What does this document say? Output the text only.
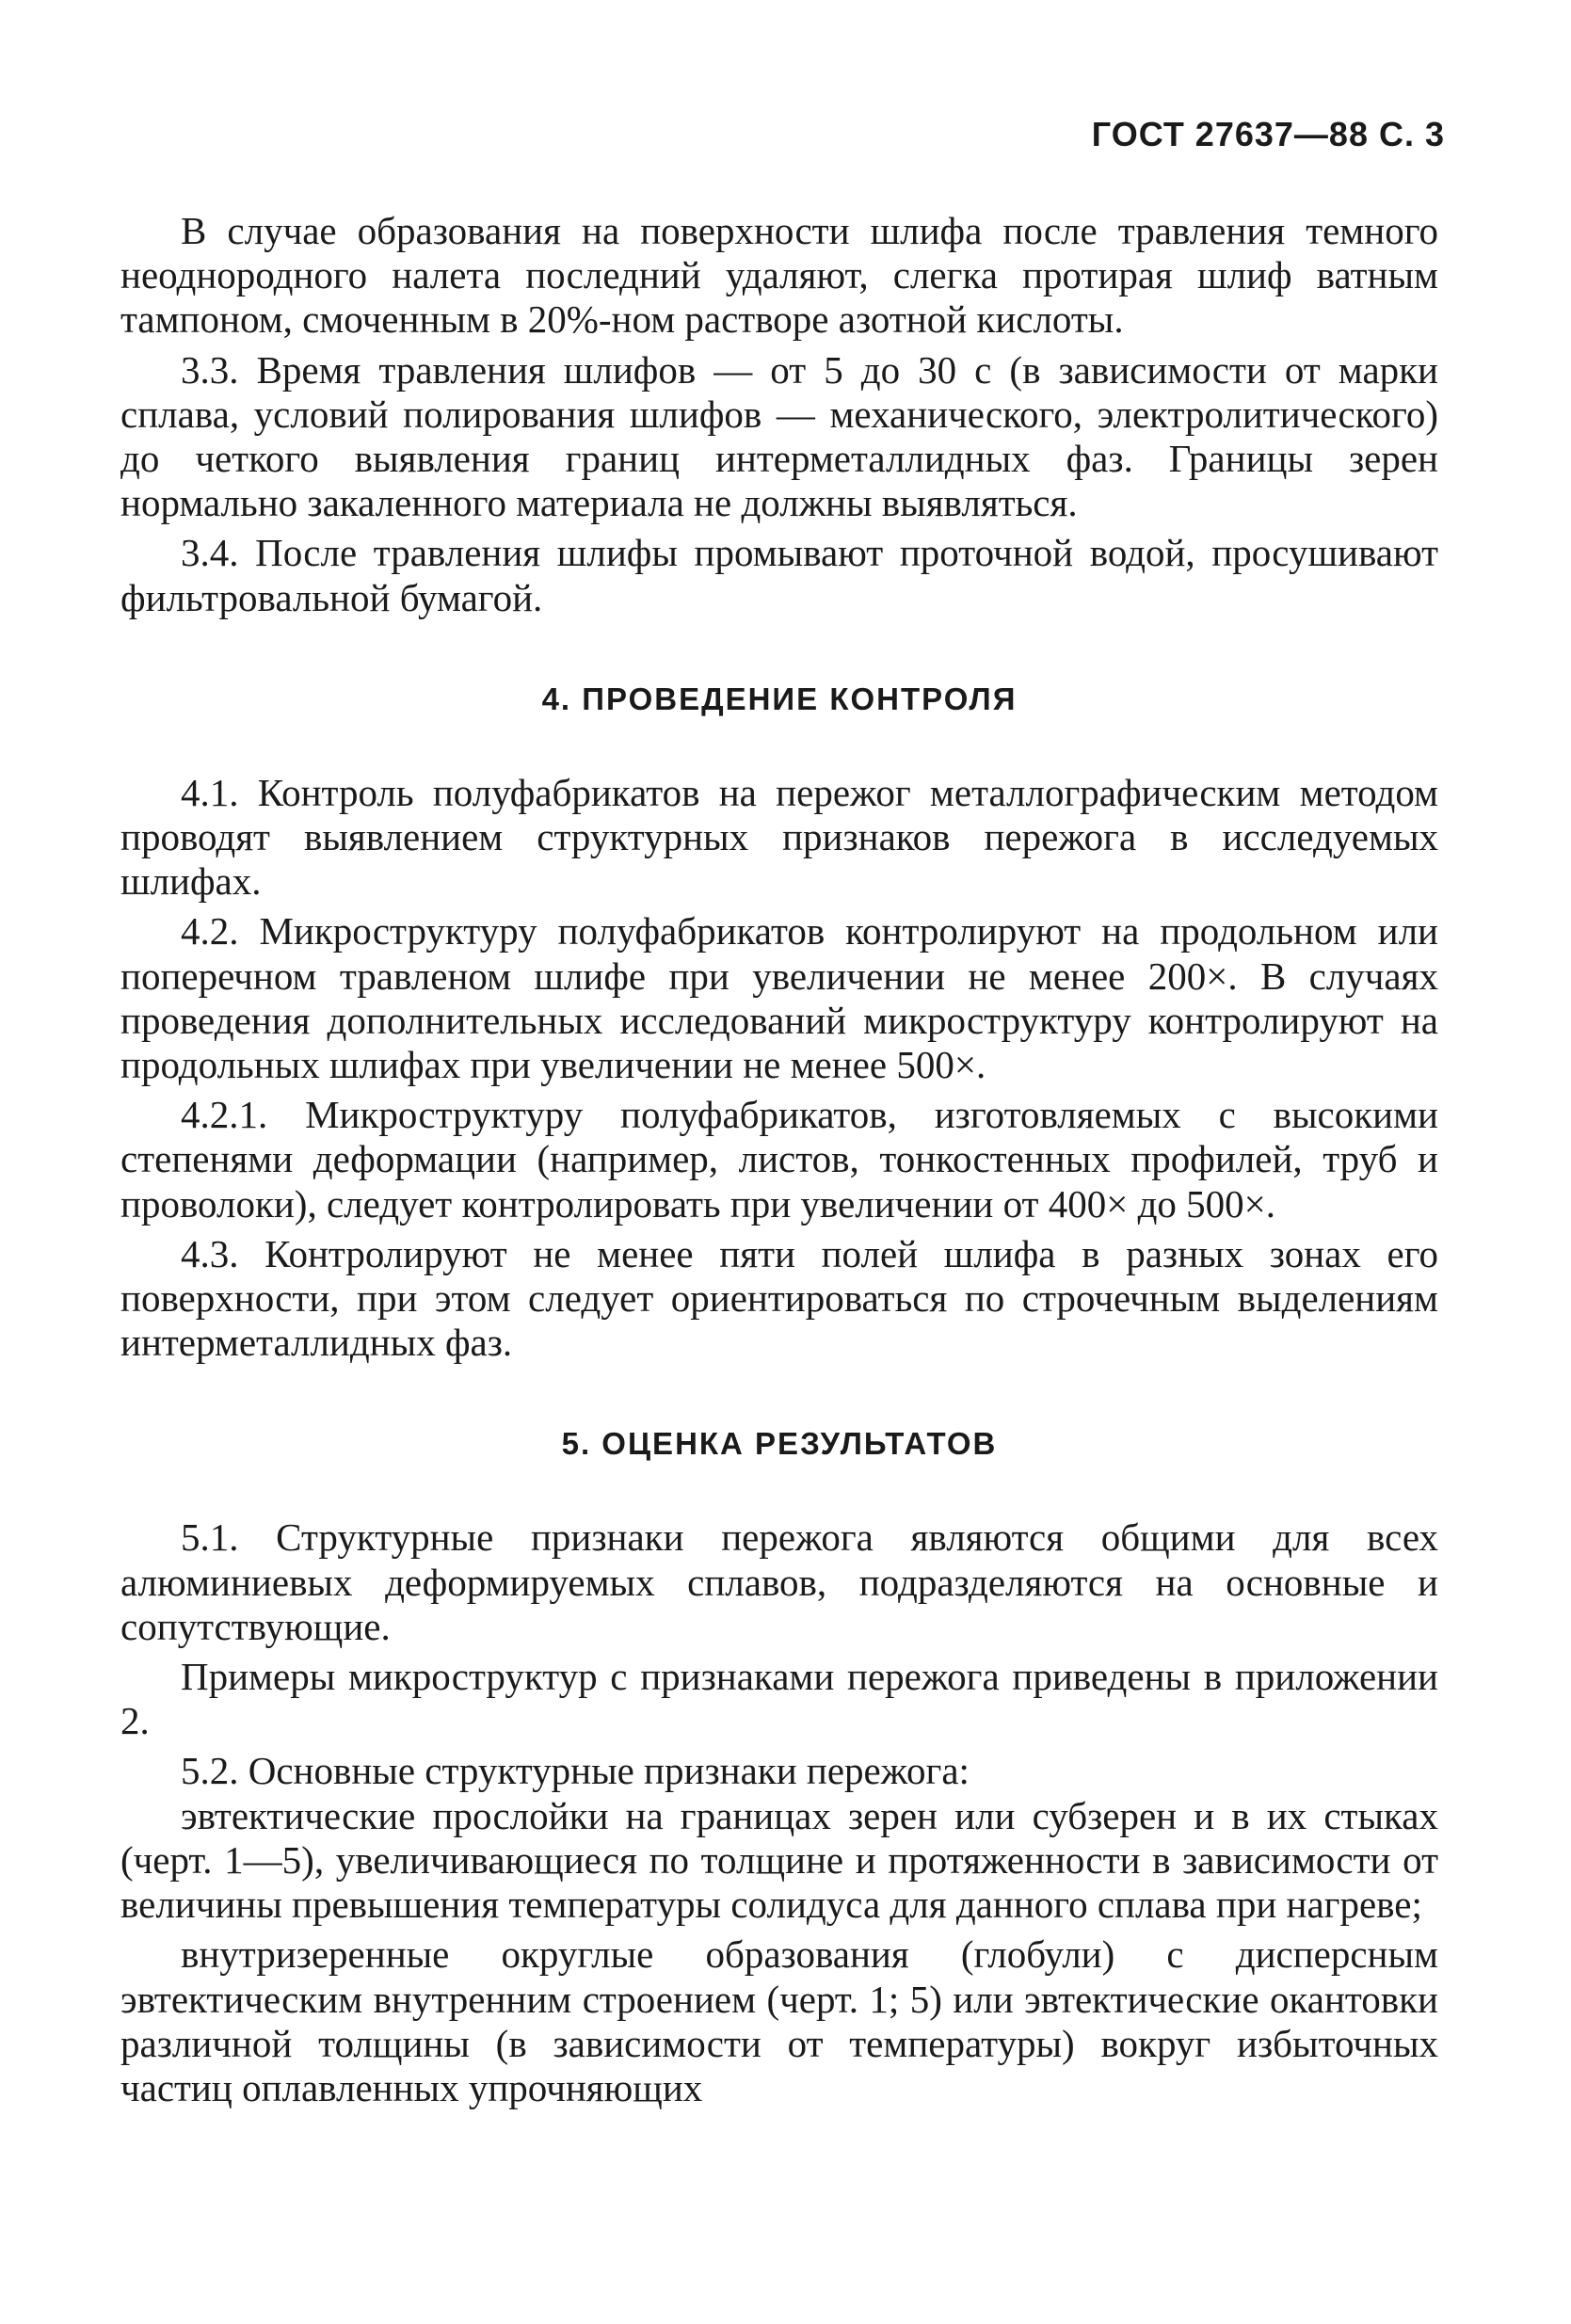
ГОСТ 27637—88 С. 3

В случае образования на поверхности шлифа после травления темного неоднородного налета последний удаляют, слегка протирая шлиф ватным тампоном, смоченным в 20%-ном растворе азотной кислоты.

3.3. Время травления шлифов — от 5 до 30 с (в зависимости от марки сплава, условий полирования шлифов — механического, электролитического) до четкого выявления границ интерметаллидных фаз. Границы зерен нормально закаленного материала не должны выявляться.

3.4. После травления шлифы промывают проточной водой, просушивают фильтровальной бумагой.

4. ПРОВЕДЕНИЕ КОНТРОЛЯ

4.1. Контроль полуфабрикатов на пережог металлографическим методом проводят выявлением структурных признаков пережога в исследуемых шлифах.

4.2. Микроструктуру полуфабрикатов контролируют на продольном или поперечном травленом шлифе при увеличении не менее 200×. В случаях проведения дополнительных исследований микроструктуру контролируют на продольных шлифах при увеличении не менее 500×.

4.2.1. Микроструктуру полуфабрикатов, изготовляемых с высокими степенями деформации (например, листов, тонкостенных профилей, труб и проволоки), следует контролировать при увеличении от 400× до 500×.

4.3. Контролируют не менее пяти полей шлифа в разных зонах его поверхности, при этом следует ориентироваться по строчечным выделениям интерметаллидных фаз.

5. ОЦЕНКА РЕЗУЛЬТАТОВ

5.1. Структурные признаки пережога являются общими для всех алюминиевых деформируемых сплавов, подразделяются на основные и сопутствующие.

Примеры микроструктур с признаками пережога приведены в приложении 2.

5.2. Основные структурные признаки пережога:

эвтектические прослойки на границах зерен или субзерен и в их стыках (черт. 1—5), увеличивающиеся по толщине и протяженности в зависимости от величины превышения температуры солидуса для данного сплава при нагреве;

внутризеренные округлые образования (глобули) с дисперсным эвтектическим внутренним строением (черт. 1; 5) или эвтектические окантовки различной толщины (в зависимости от температуры) вокруг избыточных частиц оплавленных упрочняющих
